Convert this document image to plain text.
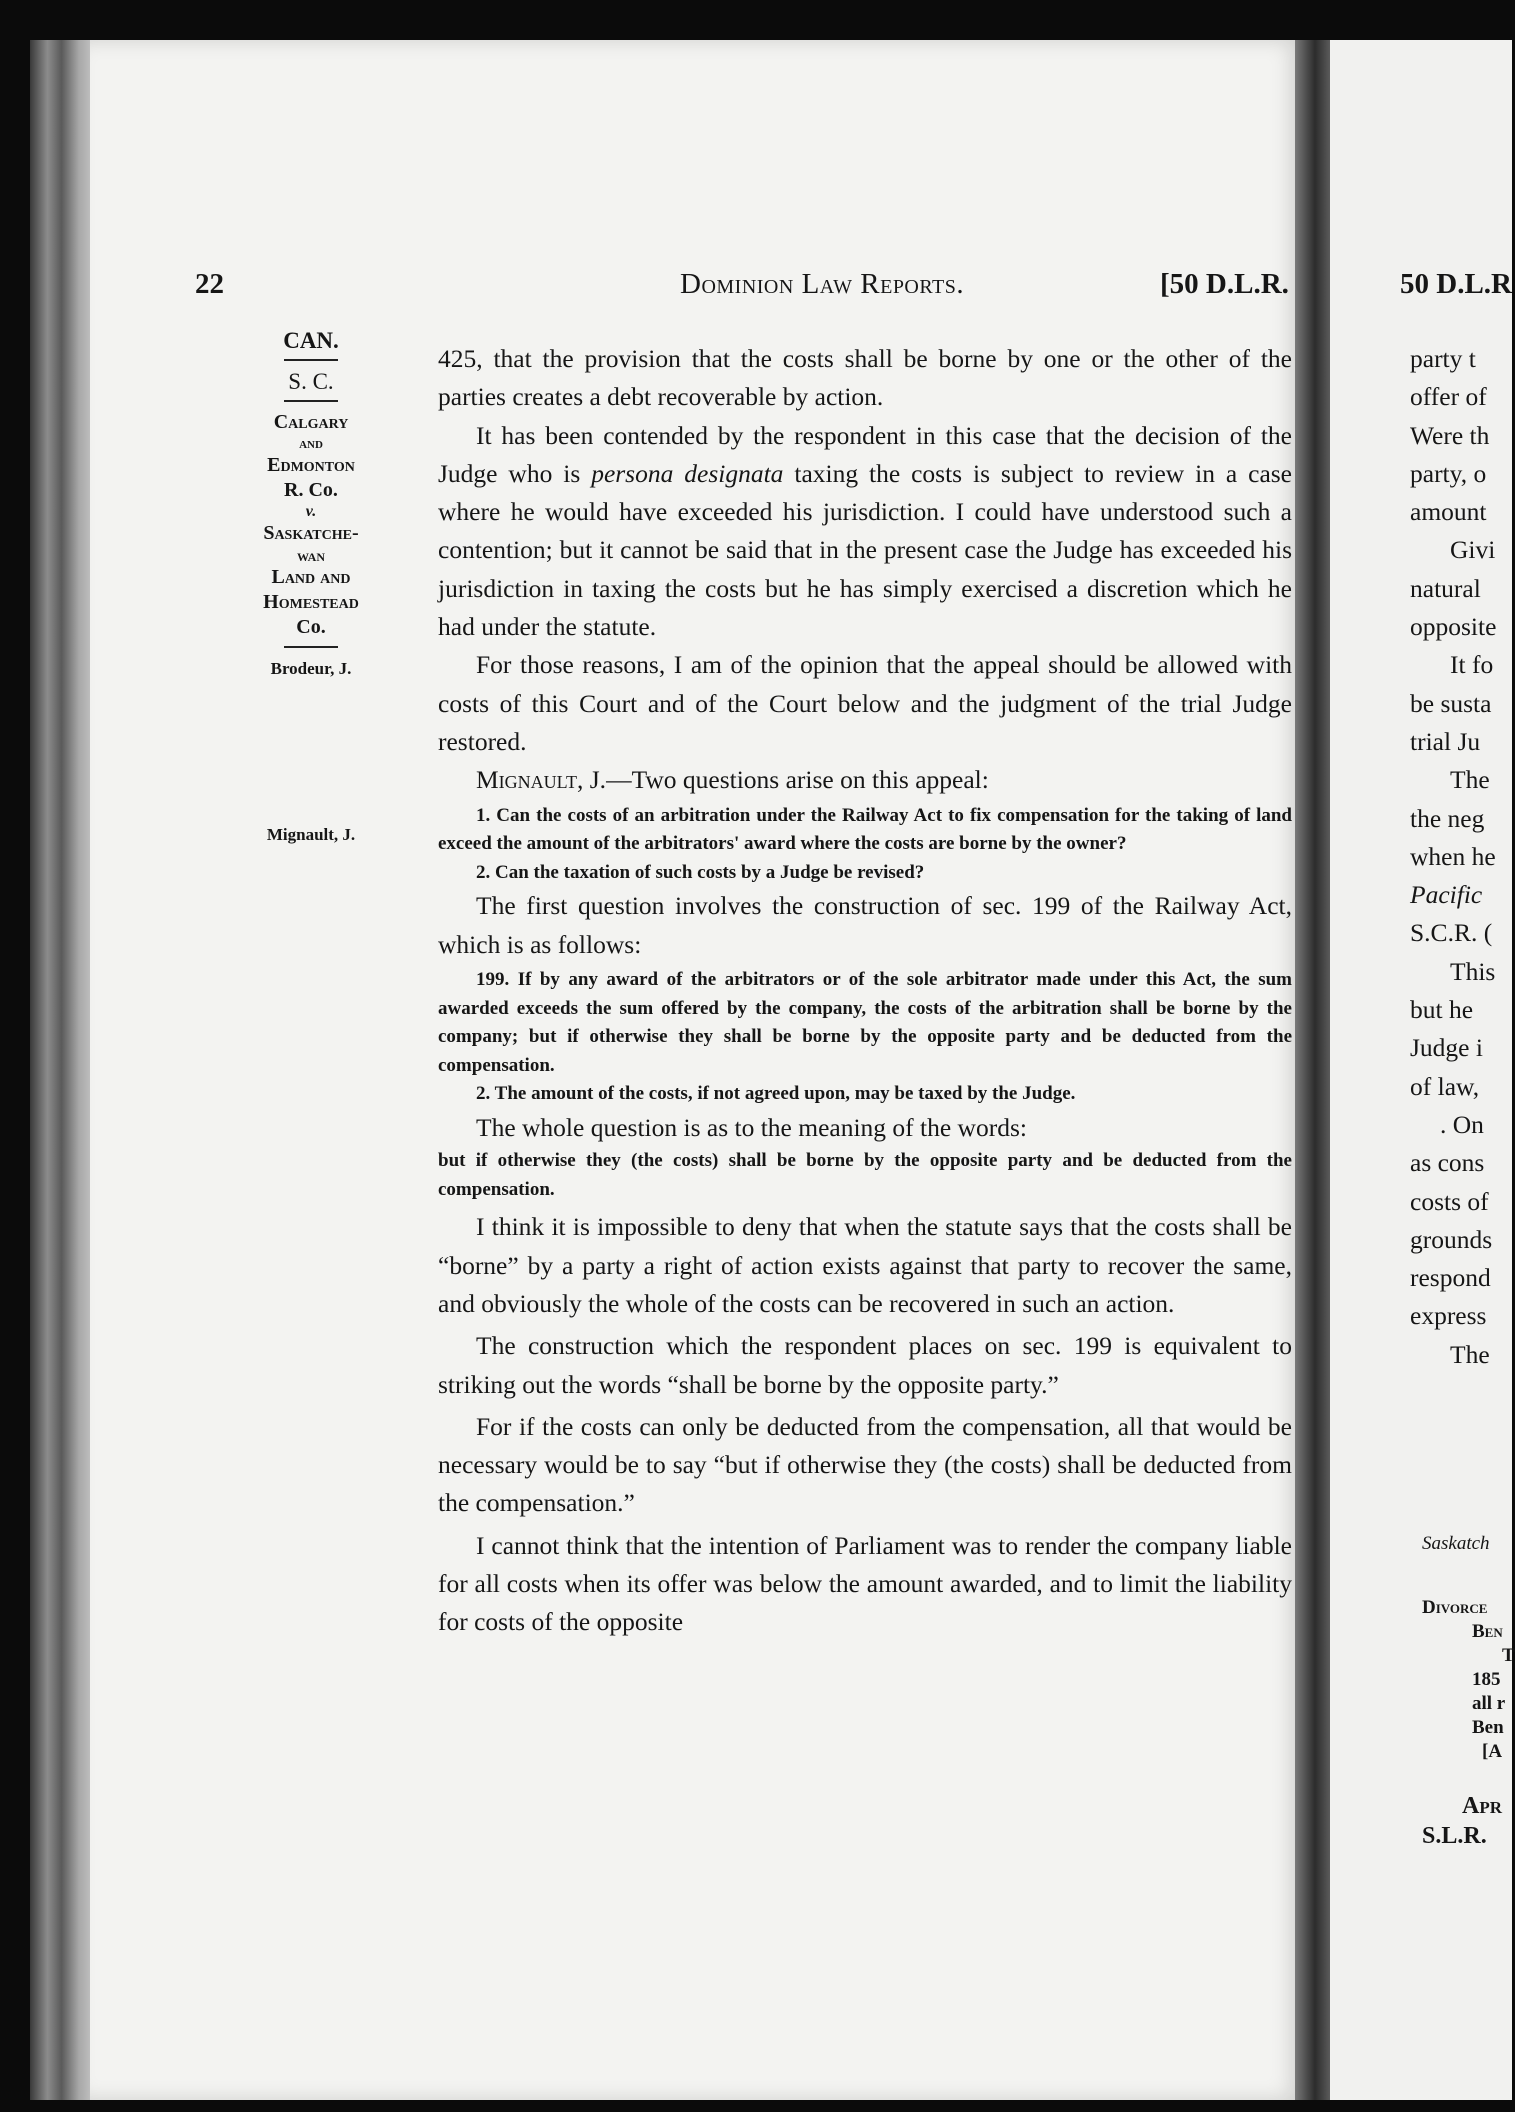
22	Dominion Law Reports.	[50 D.L.R.
CAN.
S. C.
Calgary
and
Edmonton
R. Co.
v.
Saskatche-
wan
Land and
Homestead
Co.
Brodeur, J.
Mignault, J.

425, that the provision that the costs shall be borne by one or the other of the parties creates a debt recoverable by action.

It has been contended by the respondent in this case that the decision of the Judge who is persona designata taxing the costs is subject to review in a case where he would have exceeded his jurisdiction. I could have understood such a contention; but it cannot be said that in the present case the Judge has exceeded his jurisdiction in taxing the costs but he has simply exercised a discretion which he had under the statute.

For those reasons, I am of the opinion that the appeal should be allowed with costs of this Court and of the Court below and the judgment of the trial Judge restored.

Mignault, J.—Two questions arise on this appeal:

1. Can the costs of an arbitration under the Railway Act to fix compensation for the taking of land exceed the amount of the arbitrators' award where the costs are borne by the owner?

2. Can the taxation of such costs by a Judge be revised?

The first question involves the construction of sec. 199 of the Railway Act, which is as follows:

199. If by any award of the arbitrators or of the sole arbitrator made under this Act, the sum awarded exceeds the sum offered by the company, the costs of the arbitration shall be borne by the company; but if otherwise they shall be borne by the opposite party and be deducted from the compensation.

2. The amount of the costs, if not agreed upon, may be taxed by the Judge.

The whole question is as to the meaning of the words:

but if otherwise they (the costs) shall be borne by the opposite party and be deducted from the compensation.

I think it is impossible to deny that when the statute says that the costs shall be “borne” by a party a right of action exists against that party to recover the same, and obviously the whole of the costs can be recovered in such an action.

The construction which the respondent places on sec. 199 is equivalent to striking out the words “shall be borne by the opposite party.”

For if the costs can only be deducted from the compensation, all that would be necessary would be to say “but if otherwise they (the costs) shall be deducted from the compensation.”

I cannot think that the intention of Parliament was to render the company liable for all costs when its offer was below the amount awarded, and to limit the liability for costs of the opposite

50 D.L.R
party t
offer of
Were th
party, o
amount
Givi
natural
opposite
It fo
be susta
trial Ju
The
the neg
when he
Pacific
S.C.R. (
This
but he
Judge i
of law,
. On
as cons
costs of
grounds
respond
express
The
Saskatch
Divorce
Ben
T
185
all r
Ben
[A
Apr
S.L.R.
